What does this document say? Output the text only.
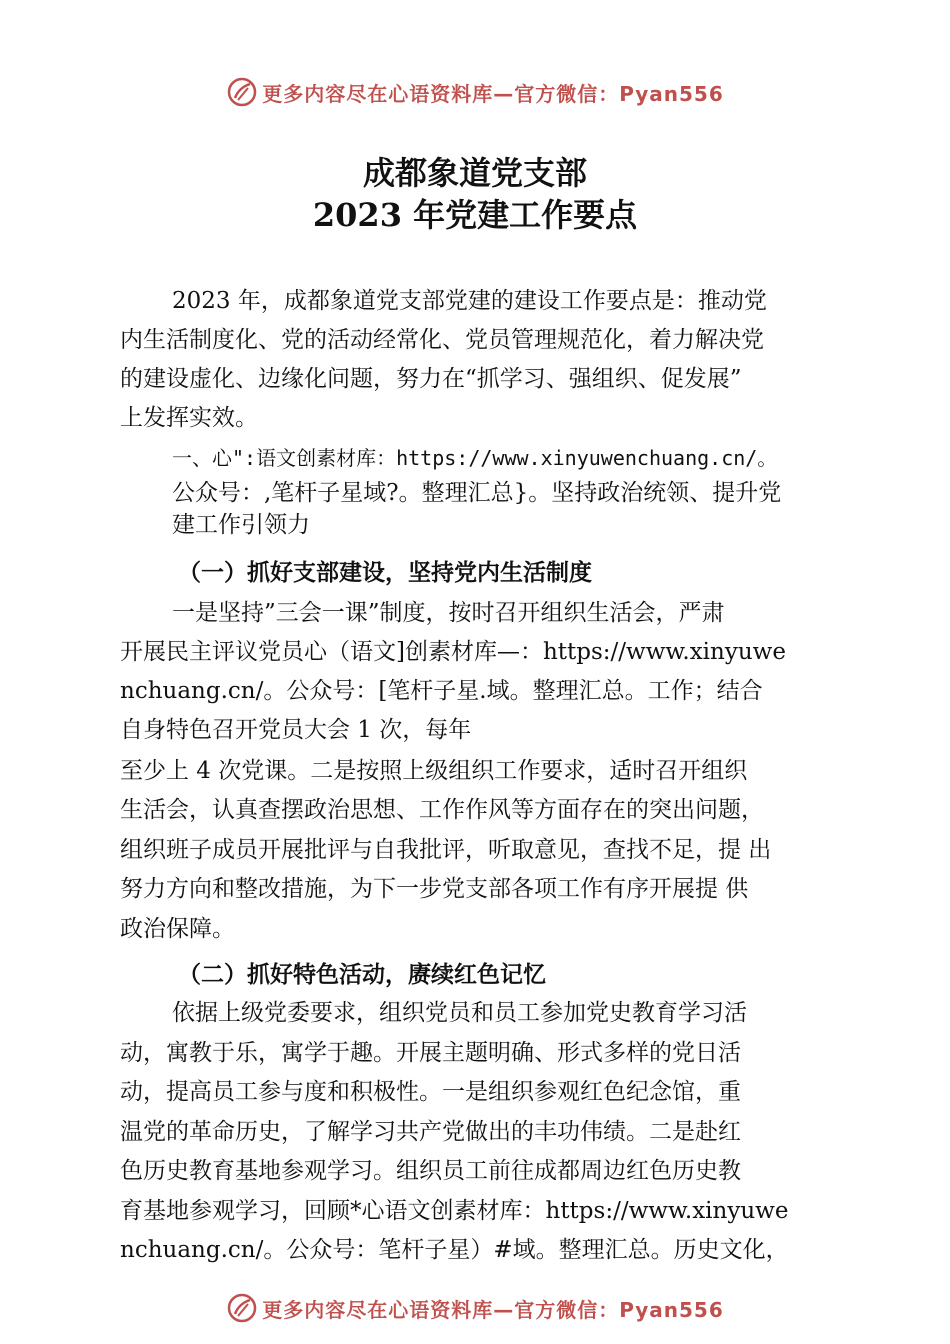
更多内容尽在心语资料库—官方微信：Pyan556
成都象道党支部
2023 年党建工作要点
2023 年，成都象道党支部党建的建设工作要点是：推动党
内生活制度化、党的活动经常化、党员管理规范化，着力解决党
的建设虚化、边缘化问题，努力在“抓学习、强组织、促发展”
上发挥实效。
一、心":语文创素材库：https://www.xinyuwenchuang.cn/。
公众号：,笔杆子星域?。整理汇总}。坚持政治统领、提升党
建工作引领力
（一）抓好支部建设，坚持党内生活制度
一是坚持”三会一课”制度，按时召开组织生活会，严肃
开展民主评议党员心（语文]创素材库—：https://www.xinyuwe
nchuang.cn/。公众号：[笔杆子星.域。整理汇总。工作；结合
自身特色召开党员大会 1 次，每年
至少上 4 次党课。二是按照上级组织工作要求，适时召开组织
生活会，认真查摆政治思想、工作作风等方面存在的突出问题，
组织班子成员开展批评与自我批评，听取意见，查找不足，提 出
努力方向和整改措施，为下一步党支部各项工作有序开展提 供
政治保障。
（二）抓好特色活动，赓续红色记忆
依据上级党委要求，组织党员和员工参加党史教育学习活
动，寓教于乐，寓学于趣。开展主题明确、形式多样的党日活
动，提高员工参与度和积极性。一是组织参观红色纪念馆，重
温党的革命历史，了解学习共产党做出的丰功伟绩。二是赴红
色历史教育基地参观学习。组织员工前往成都周边红色历史教
育基地参观学习，回顾*心语文创素材库：https://www.xinyuwe
nchuang.cn/。公众号：笔杆子星）#域。整理汇总。历史文化，
更多内容尽在心语资料库—官方微信：Pyan556
